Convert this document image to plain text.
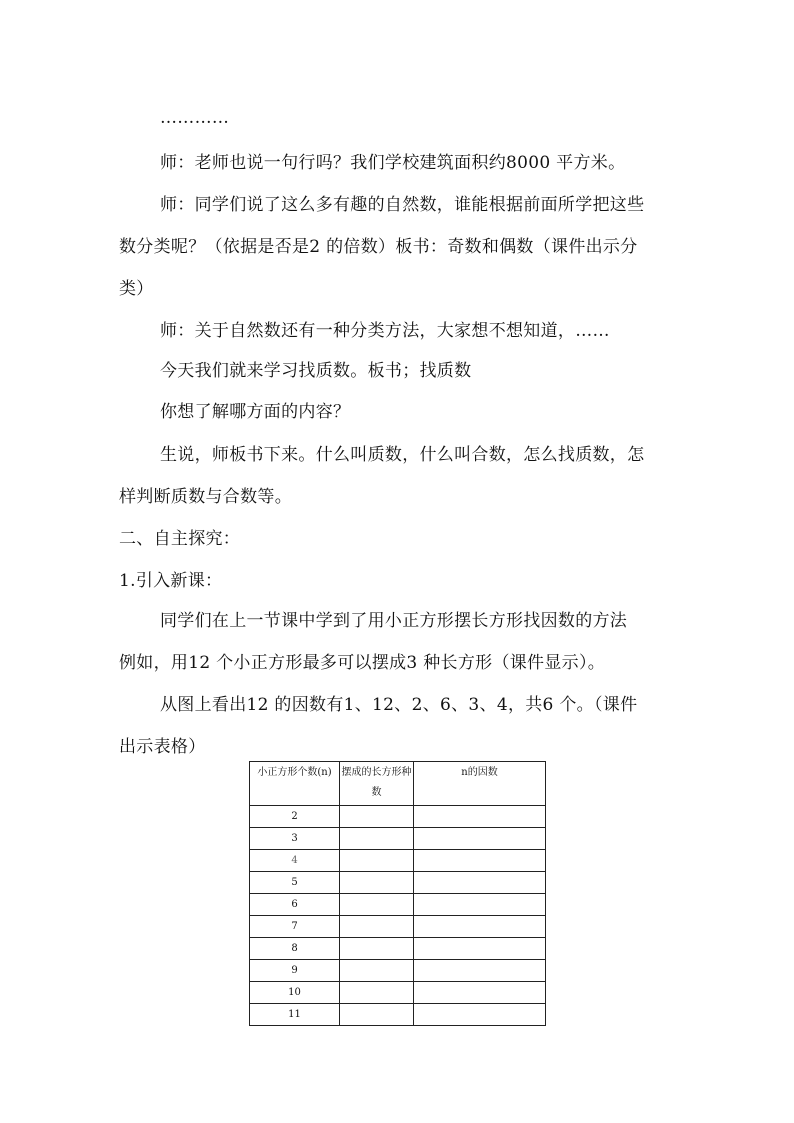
…………
师：老师也说一句行吗？我们学校建筑面积约8000 平方米。
师：同学们说了这么多有趣的自然数，谁能根据前面所学把这些
数分类呢？（依据是否是2 的倍数）板书：奇数和偶数（课件出示分
类）
师：关于自然数还有一种分类方法，大家想不想知道，……
今天我们就来学习找质数。板书；找质数
你想了解哪方面的内容？
生说，师板书下来。什么叫质数，什么叫合数，怎么找质数，怎
样判断质数与合数等。
二、自主探究：
1.引入新课：
同学们在上一节课中学到了用小正方形摆长方形找因数的方法
例如，用12 个小正方形最多可以摆成3 种长方形（课件显示）。
从图上看出12 的因数有1、12、2、6、3、4，共6 个。（课件
出示表格）
小正方形个数(n)	摆成的长方形种数	n的因数
2		
3		
4		
5		
6		
7		
8		
9		
10		
11		
